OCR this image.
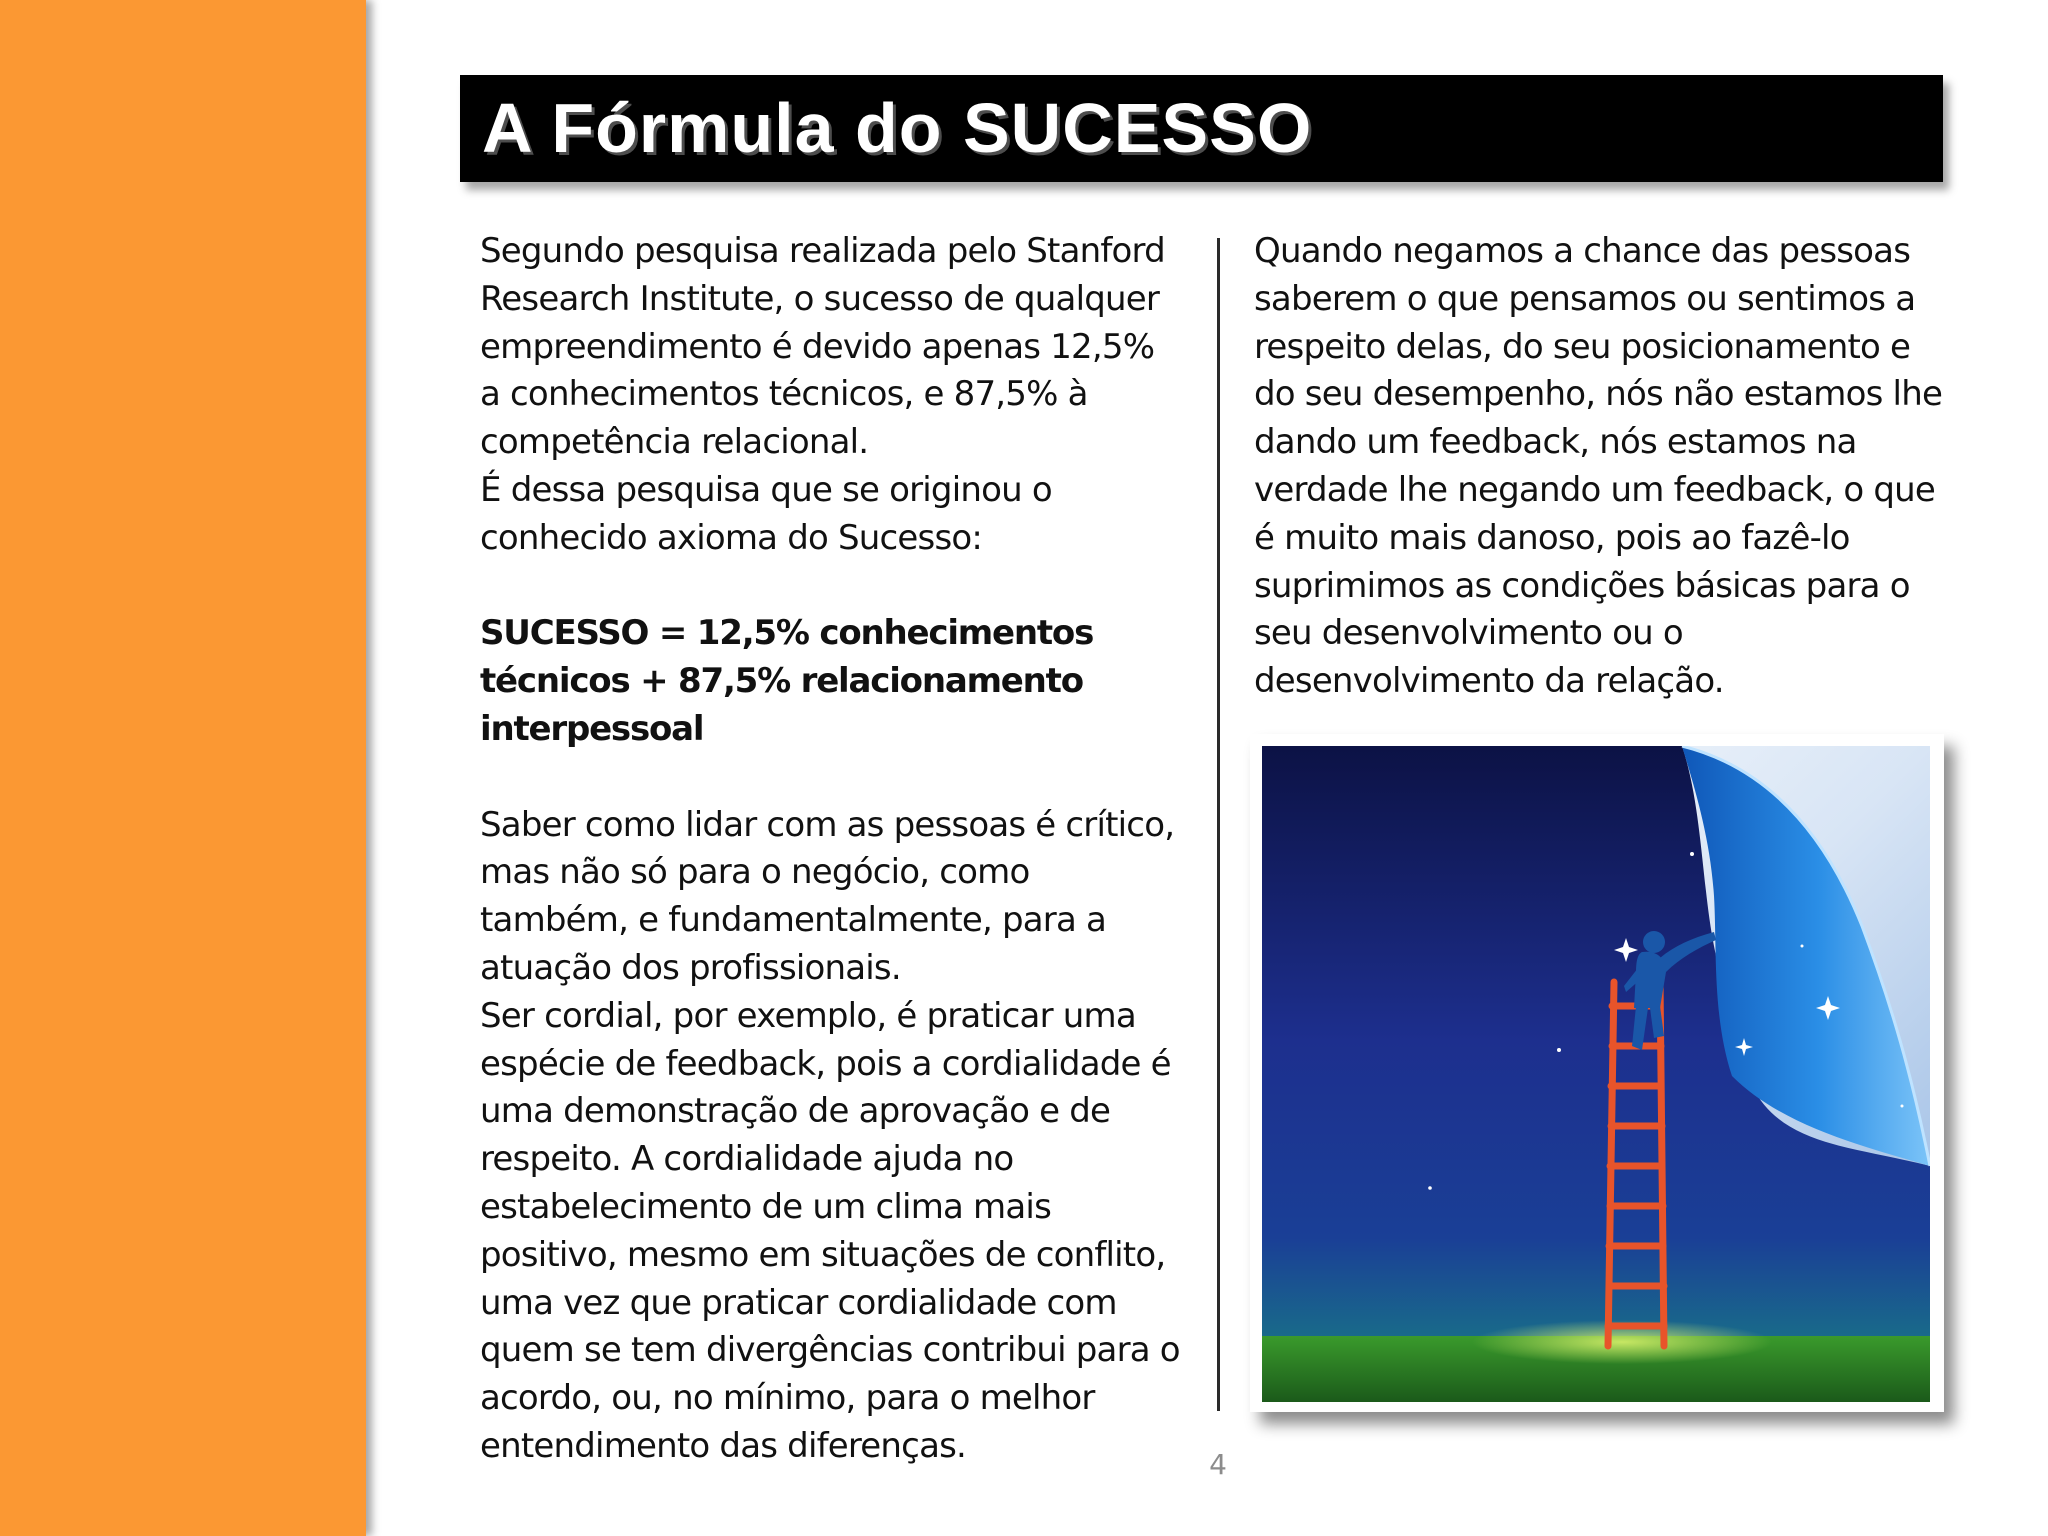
A Fórmula do SUCESSO

Segundo pesquisa realizada pelo Stanford Research Institute, o sucesso de qualquer empreendimento é devido apenas 12,5% a conhecimentos técnicos, e 87,5% à competência relacional.

É dessa pesquisa que se originou o conhecido axioma do Sucesso:

SUCESSO = 12,5% conhecimentos técnicos + 87,5% relacionamento interpessoal

Saber como lidar com as pessoas é crítico, mas não só para o negócio, como também, e fundamentalmente, para a atuação dos profissionais.

Ser cordial, por exemplo, é praticar uma espécie de feedback, pois a cordialidade é uma demonstração de aprovação e de respeito. A cordialidade ajuda no estabelecimento de um clima mais positivo, mesmo em situações de conflito, uma vez que praticar cordialidade com quem se tem divergências contribui para o acordo, ou, no mínimo, para o melhor entendimento das diferenças.

Quando negamos a chance das pessoas saberem o que pensamos ou sentimos a respeito delas, do seu posicionamento e do seu desempenho, nós não estamos lhe dando um feedback, nós estamos na verdade lhe negando um feedback, o que é muito mais danoso, pois ao fazê-lo suprimimos as condições básicas para o seu desenvolvimento ou o desenvolvimento da relação.

4
